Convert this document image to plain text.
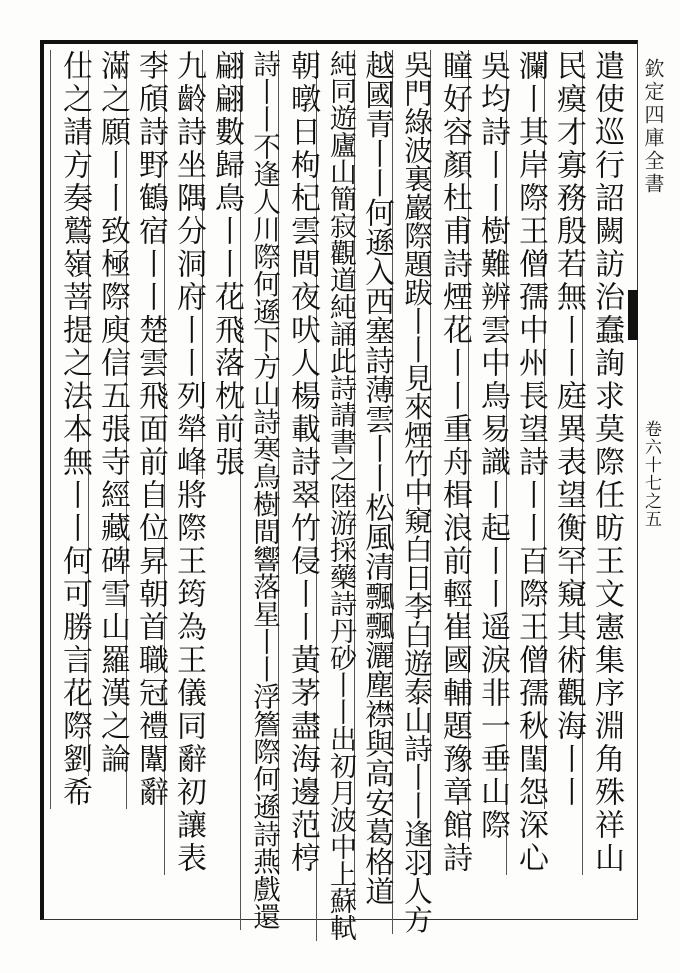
欽定四庫全書
卷六十七之五
遣使巡行詔闕訪治蠢詢求莫際任昉王文憲集序淵角殊祥山
民瘼才寡務殷若無丨丨庭異表望衡罕窺其術觀海丨丨
瀾丨其岸際王僧孺中州長望詩丨丨百際王僧孺秋閨怨深心
吳均詩丨丨樹難辨雲中鳥易識丨起丨丨遥淚非一垂山際
瞳好容顏杜甫詩煙花丨丨重舟楫浪前輕崔國輔題豫章館詩
吳門綠波裏巖際題跋丨丨見來煙竹中窺白日李白遊泰山詩丨丨逢羽人方
越國青丨丨何遜入西塞詩薄雲丨丨松風清飄飄灑塵襟與高安葛格道
純同遊廬山簡寂觀道純誦此詩請書之陸游採藥詩丹砂丨丨出初月波中上蘇軾
朝暾日枸杞雲間夜吠人楊載詩翠竹侵丨丨黃茅盡海邊范梈
詩丨丨不逢人川際何遜下方山詩寒鳥樹間響落星丨丨浮簷際何遜詩燕戲還
翩翩數歸鳥丨丨花飛落枕前張
九齡詩坐隅分洞府丨丨列犖峰將際王筠為王儀同辭初讓表
李頎詩野鶴宿丨丨楚雲飛面前自位昇朝首職冠禮闈辭
滿之願丨丨致極際庾信五張寺經藏碑雪山羅漢之論
仕之請方奏鷲嶺菩提之法本無丨丨何可勝言花際劉希
